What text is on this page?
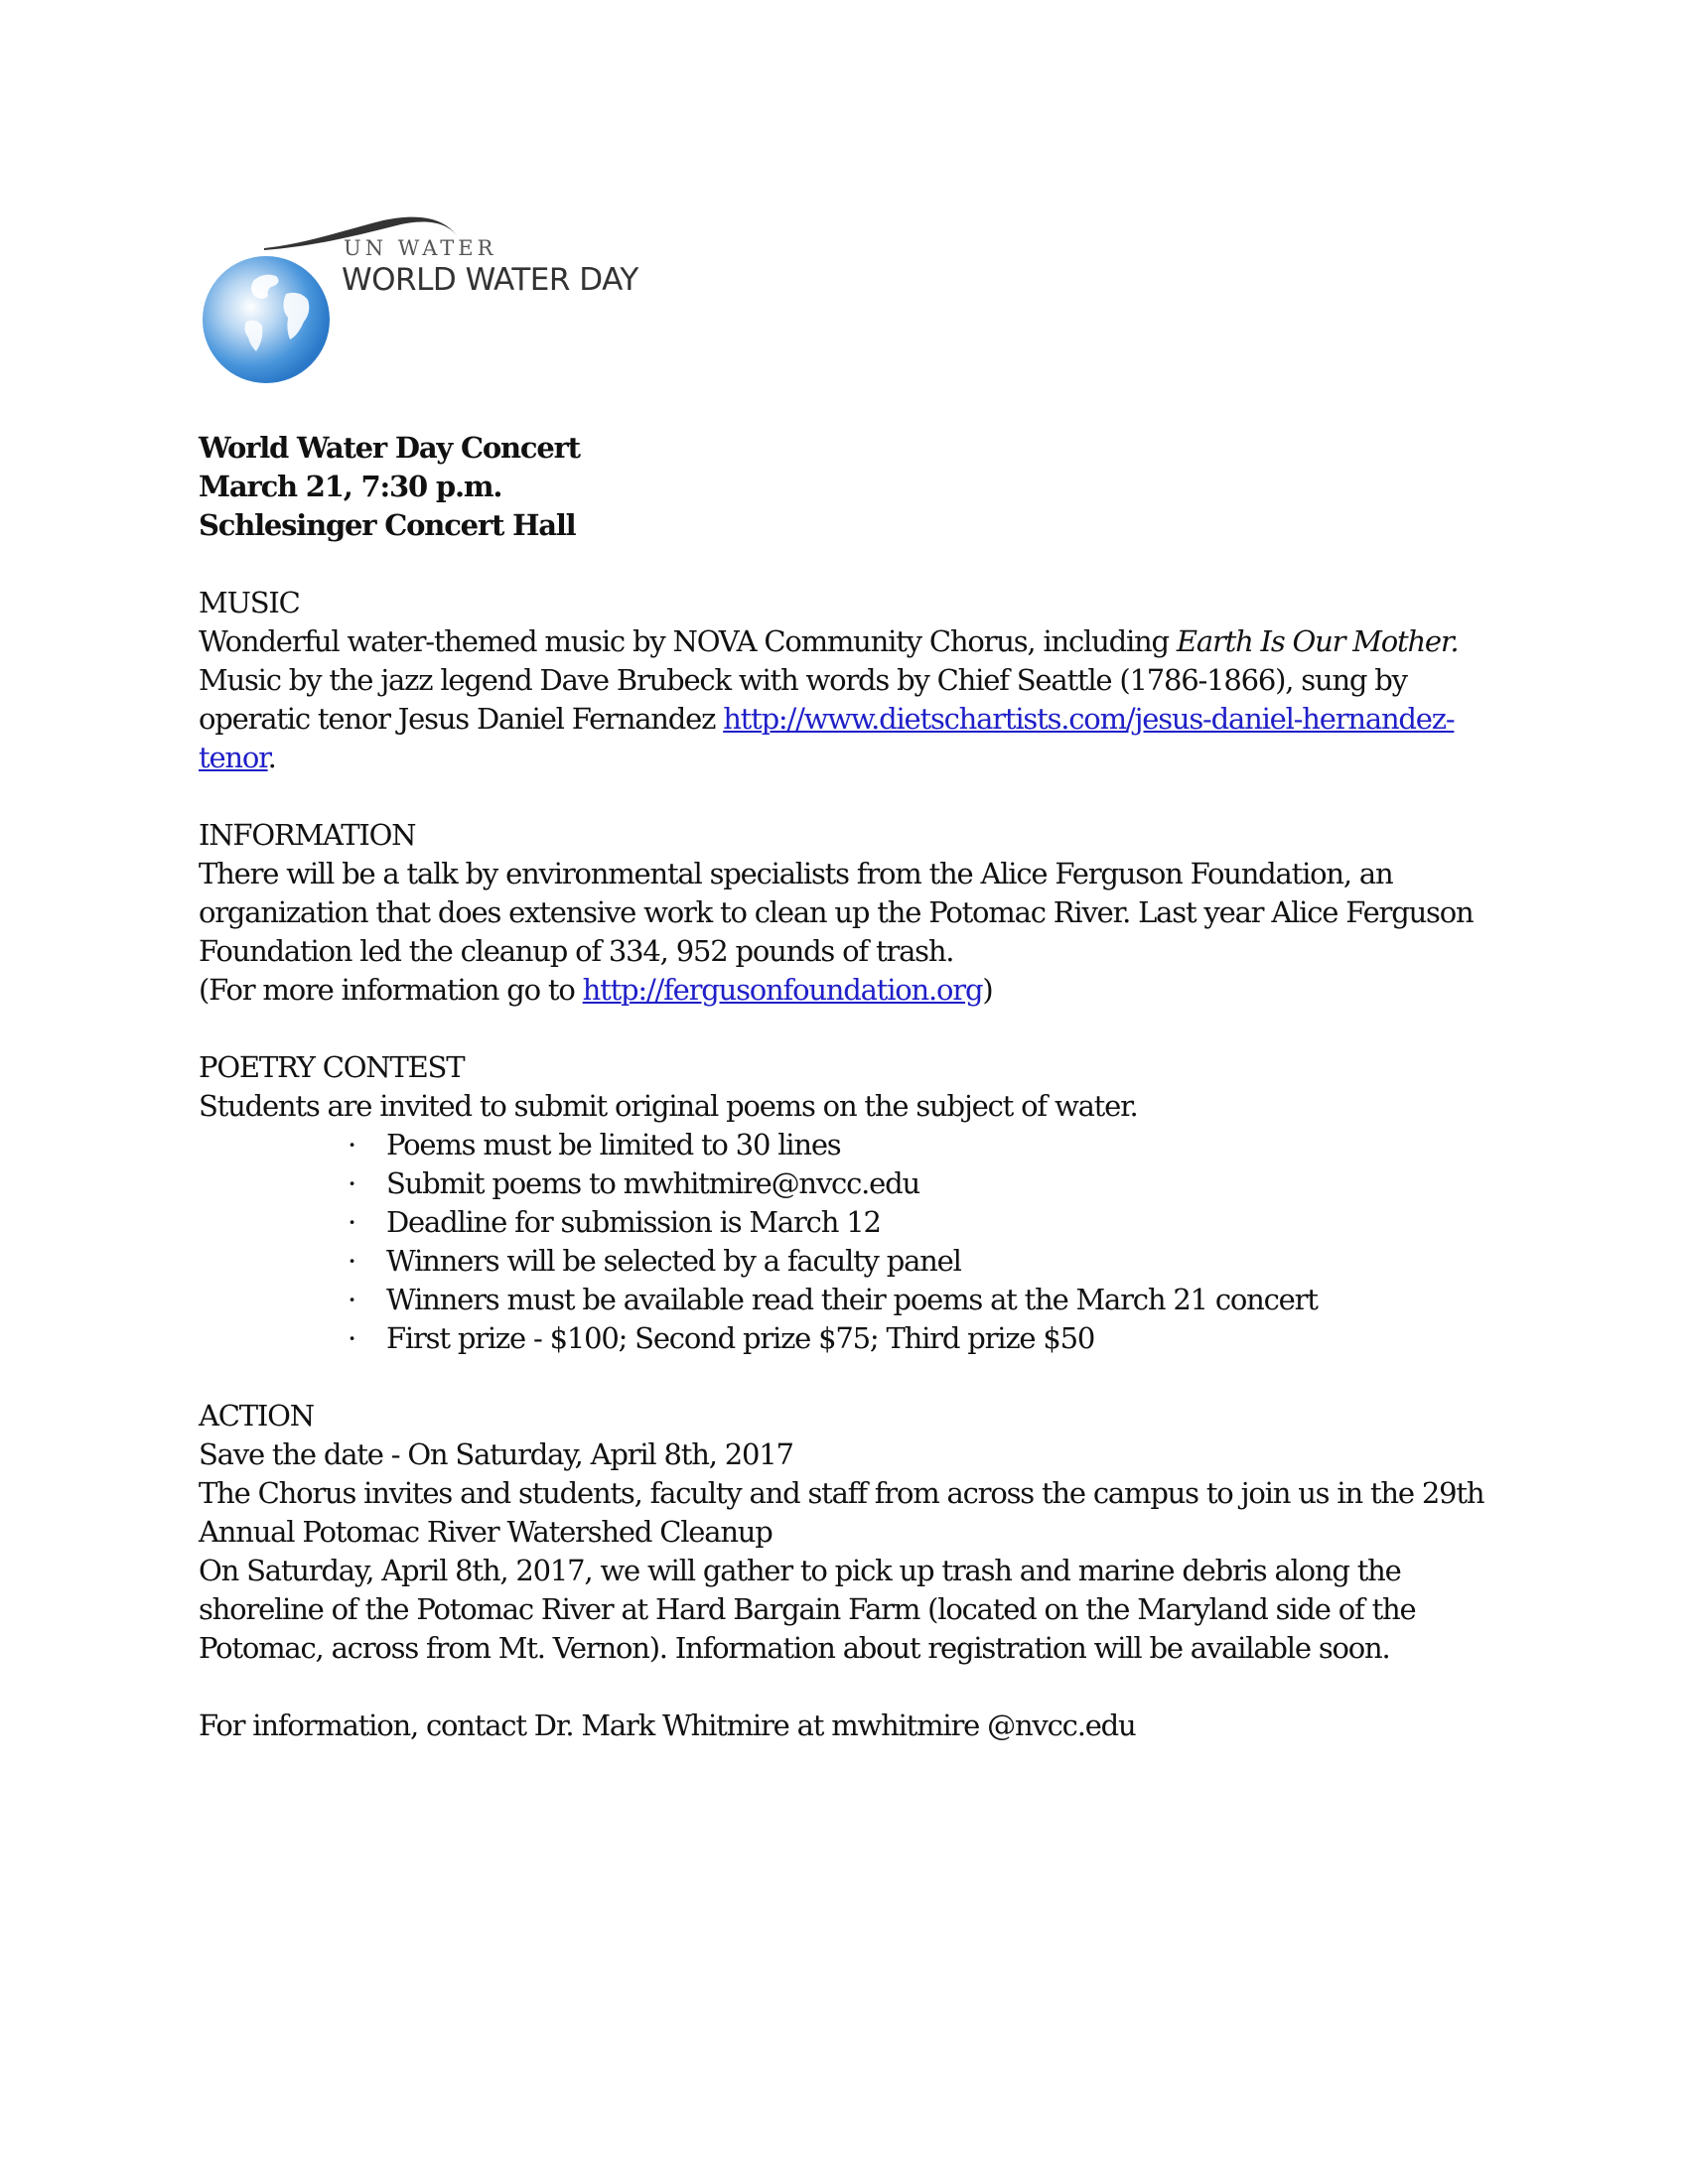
UN WATER
WORLD WATER DAY

World Water Day Concert

March 21, 7:30 p.m.

Schlesinger Concert Hall

MUSIC

Wonderful water-themed music by NOVA Community Chorus, including Earth Is Our Mother. Music by the jazz legend Dave Brubeck with words by Chief Seattle (1786-1866), sung by operatic tenor Jesus Daniel Fernandez http://www.dietschartists.com/jesus-daniel-hernandez-tenor.

INFORMATION

There will be a talk by environmental specialists from the Alice Ferguson Foundation, an organization that does extensive work to clean up the Potomac River. Last year Alice Ferguson Foundation led the cleanup of 334, 952 pounds of trash.

(For more information go to http://fergusonfoundation.org)

POETRY CONTEST

Students are invited to submit original poems on the subject of water.

· Poems must be limited to 30 lines
· Submit poems to mwhitmire@nvcc.edu
· Deadline for submission is March 12
· Winners will be selected by a faculty panel
· Winners must be available read their poems at the March 21 concert
· First prize - $100; Second prize $75; Third prize $50

ACTION

Save the date - On Saturday, April 8th, 2017

The Chorus invites and students, faculty and staff from across the campus to join us in the 29th Annual Potomac River Watershed Cleanup

On Saturday, April 8th, 2017, we will gather to pick up trash and marine debris along the shoreline of the Potomac River at Hard Bargain Farm (located on the Maryland side of the Potomac, across from Mt. Vernon). Information about registration will be available soon.

For information, contact Dr. Mark Whitmire at mwhitmire @nvcc.edu
